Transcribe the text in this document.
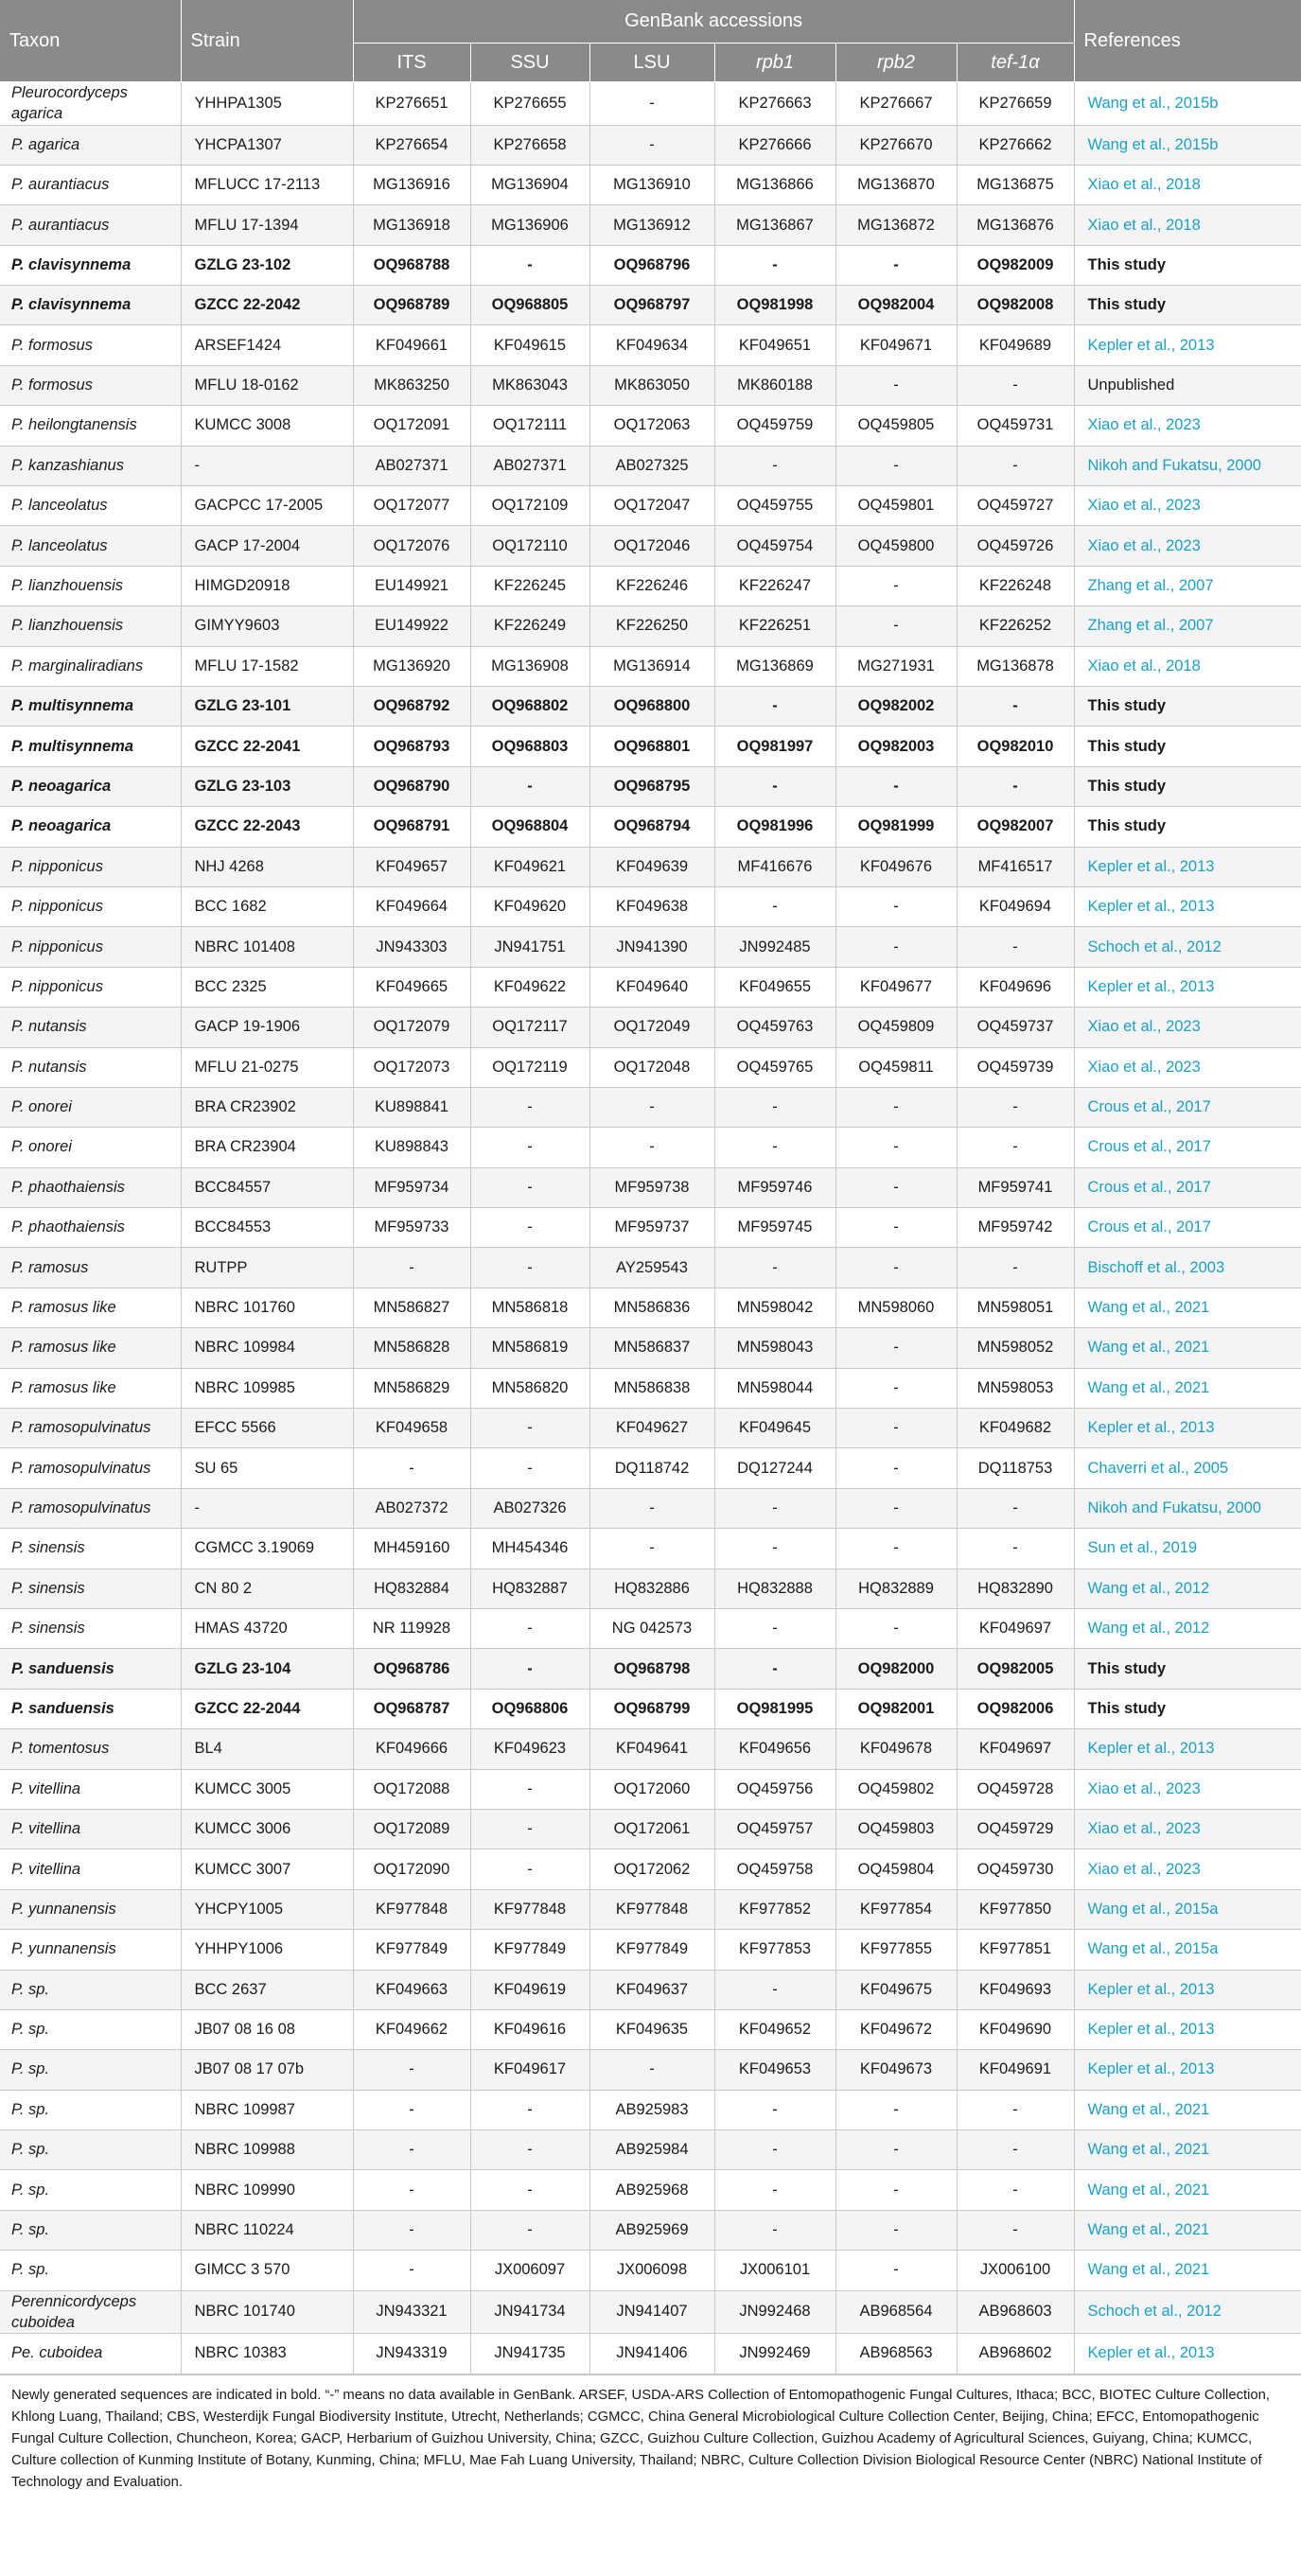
Taxon	Strain	GenBank accessions						References
		ITS	SSU	LSU	rpb1	rpb2	tef-1α	
Pleurocordyceps agarica	YHHPA1305	KP276651	KP276655	-	KP276663	KP276667	KP276659	Wang et al., 2015b
P. agarica	YHCPA1307	KP276654	KP276658	-	KP276666	KP276670	KP276662	Wang et al., 2015b
P. aurantiacus	MFLUCC 17-2113	MG136916	MG136904	MG136910	MG136866	MG136870	MG136875	Xiao et al., 2018
P. aurantiacus	MFLU 17-1394	MG136918	MG136906	MG136912	MG136867	MG136872	MG136876	Xiao et al., 2018
P. clavisynnema	GZLG 23-102	OQ968788	-	OQ968796	-	-	OQ982009	This study
P. clavisynnema	GZCC 22-2042	OQ968789	OQ968805	OQ968797	OQ981998	OQ982004	OQ982008	This study
P. formosus	ARSEF1424	KF049661	KF049615	KF049634	KF049651	KF049671	KF049689	Kepler et al., 2013
P. formosus	MFLU 18-0162	MK863250	MK863043	MK863050	MK860188	-	-	Unpublished
P. heilongtanensis	KUMCC 3008	OQ172091	OQ172111	OQ172063	OQ459759	OQ459805	OQ459731	Xiao et al., 2023
P. kanzashianus	-	AB027371	AB027371	AB027325	-	-	-	Nikoh and Fukatsu, 2000
P. lanceolatus	GACPCC 17-2005	OQ172077	OQ172109	OQ172047	OQ459755	OQ459801	OQ459727	Xiao et al., 2023
P. lanceolatus	GACP 17-2004	OQ172076	OQ172110	OQ172046	OQ459754	OQ459800	OQ459726	Xiao et al., 2023
P. lianzhouensis	HIMGD20918	EU149921	KF226245	KF226246	KF226247	-	KF226248	Zhang et al., 2007
P. lianzhouensis	GIMYY9603	EU149922	KF226249	KF226250	KF226251	-	KF226252	Zhang et al., 2007
P. marginaliradians	MFLU 17-1582	MG136920	MG136908	MG136914	MG136869	MG271931	MG136878	Xiao et al., 2018
P. multisynnema	GZLG 23-101	OQ968792	OQ968802	OQ968800	-	OQ982002	-	This study
P. multisynnema	GZCC 22-2041	OQ968793	OQ968803	OQ968801	OQ981997	OQ982003	OQ982010	This study
P. neoagarica	GZLG 23-103	OQ968790	-	OQ968795	-	-	-	This study
P. neoagarica	GZCC 22-2043	OQ968791	OQ968804	OQ968794	OQ981996	OQ981999	OQ982007	This study
P. nipponicus	NHJ 4268	KF049657	KF049621	KF049639	MF416676	KF049676	MF416517	Kepler et al., 2013
P. nipponicus	BCC 1682	KF049664	KF049620	KF049638	-	-	KF049694	Kepler et al., 2013
P. nipponicus	NBRC 101408	JN943303	JN941751	JN941390	JN992485	-	-	Schoch et al., 2012
P. nipponicus	BCC 2325	KF049665	KF049622	KF049640	KF049655	KF049677	KF049696	Kepler et al., 2013
P. nutansis	GACP 19-1906	OQ172079	OQ172117	OQ172049	OQ459763	OQ459809	OQ459737	Xiao et al., 2023
P. nutansis	MFLU 21-0275	OQ172073	OQ172119	OQ172048	OQ459765	OQ459811	OQ459739	Xiao et al., 2023
P. onorei	BRA CR23902	KU898841	-	-	-	-	-	Crous et al., 2017
P. onorei	BRA CR23904	KU898843	-	-	-	-	-	Crous et al., 2017
P. phaothaiensis	BCC84557	MF959734	-	MF959738	MF959746	-	MF959741	Crous et al., 2017
P. phaothaiensis	BCC84553	MF959733	-	MF959737	MF959745	-	MF959742	Crous et al., 2017
P. ramosus	RUTPP	-	-	AY259543	-	-	-	Bischoff et al., 2003
P. ramosus like	NBRC 101760	MN586827	MN586818	MN586836	MN598042	MN598060	MN598051	Wang et al., 2021
P. ramosus like	NBRC 109984	MN586828	MN586819	MN586837	MN598043	-	MN598052	Wang et al., 2021
P. ramosus like	NBRC 109985	MN586829	MN586820	MN586838	MN598044	-	MN598053	Wang et al., 2021
P. ramosopulvinatus	EFCC 5566	KF049658	-	KF049627	KF049645	-	KF049682	Kepler et al., 2013
P. ramosopulvinatus	SU 65	-	-	DQ118742	DQ127244	-	DQ118753	Chaverri et al., 2005
P. ramosopulvinatus	-	AB027372	AB027326	-	-	-	-	Nikoh and Fukatsu, 2000
P. sinensis	CGMCC 3.19069	MH459160	MH454346	-	-	-	-	Sun et al., 2019
P. sinensis	CN 80 2	HQ832884	HQ832887	HQ832886	HQ832888	HQ832889	HQ832890	Wang et al., 2012
P. sinensis	HMAS 43720	NR 119928	-	NG 042573	-	-	KF049697	Wang et al., 2012
P. sanduensis	GZLG 23-104	OQ968786	-	OQ968798	-	OQ982000	OQ982005	This study
P. sanduensis	GZCC 22-2044	OQ968787	OQ968806	OQ968799	OQ981995	OQ982001	OQ982006	This study
P. tomentosus	BL4	KF049666	KF049623	KF049641	KF049656	KF049678	KF049697	Kepler et al., 2013
P. vitellina	KUMCC 3005	OQ172088	-	OQ172060	OQ459756	OQ459802	OQ459728	Xiao et al., 2023
P. vitellina	KUMCC 3006	OQ172089	-	OQ172061	OQ459757	OQ459803	OQ459729	Xiao et al., 2023
P. vitellina	KUMCC 3007	OQ172090	-	OQ172062	OQ459758	OQ459804	OQ459730	Xiao et al., 2023
P. yunnanensis	YHCPY1005	KF977848	KF977848	KF977848	KF977852	KF977854	KF977850	Wang et al., 2015a
P. yunnanensis	YHHPY1006	KF977849	KF977849	KF977849	KF977853	KF977855	KF977851	Wang et al., 2015a
P. sp.	BCC 2637	KF049663	KF049619	KF049637	-	KF049675	KF049693	Kepler et al., 2013
P. sp.	JB07 08 16 08	KF049662	KF049616	KF049635	KF049652	KF049672	KF049690	Kepler et al., 2013
P. sp.	JB07 08 17 07b	-	KF049617	-	KF049653	KF049673	KF049691	Kepler et al., 2013
P. sp.	NBRC 109987	-	-	AB925983	-	-	-	Wang et al., 2021
P. sp.	NBRC 109988	-	-	AB925984	-	-	-	Wang et al., 2021
P. sp.	NBRC 109990	-	-	AB925968	-	-	-	Wang et al., 2021
P. sp.	NBRC 110224	-	-	AB925969	-	-	-	Wang et al., 2021
P. sp.	GIMCC 3 570	-	JX006097	JX006098	JX006101	-	JX006100	Wang et al., 2021
Perennicordyceps cuboidea	NBRC 101740	JN943321	JN941734	JN941407	JN992468	AB968564	AB968603	Schoch et al., 2012
Pe. cuboidea	NBRC 10383	JN943319	JN941735	JN941406	JN992469	AB968563	AB968602	Kepler et al., 2013
Newly generated sequences are indicated in bold. “-” means no data available in GenBank. ARSEF, USDA-ARS Collection of Entomopathogenic Fungal Cultures, Ithaca; BCC, BIOTEC Culture Collection, Khlong Luang, Thailand; CBS, Westerdijk Fungal Biodiversity Institute, Utrecht, Netherlands; CGMCC, China General Microbiological Culture Collection Center, Beijing, China; EFCC, Entomopathogenic Fungal Culture Collection, Chuncheon, Korea; GACP, Herbarium of Guizhou University, China; GZCC, Guizhou Culture Collection, Guizhou Academy of Agricultural Sciences, Guiyang, China; KUMCC, Culture collection of Kunming Institute of Botany, Kunming, China; MFLU, Mae Fah Luang University, Thailand; NBRC, Culture Collection Division Biological Resource Center (NBRC) National Institute of Technology and Evaluation.
